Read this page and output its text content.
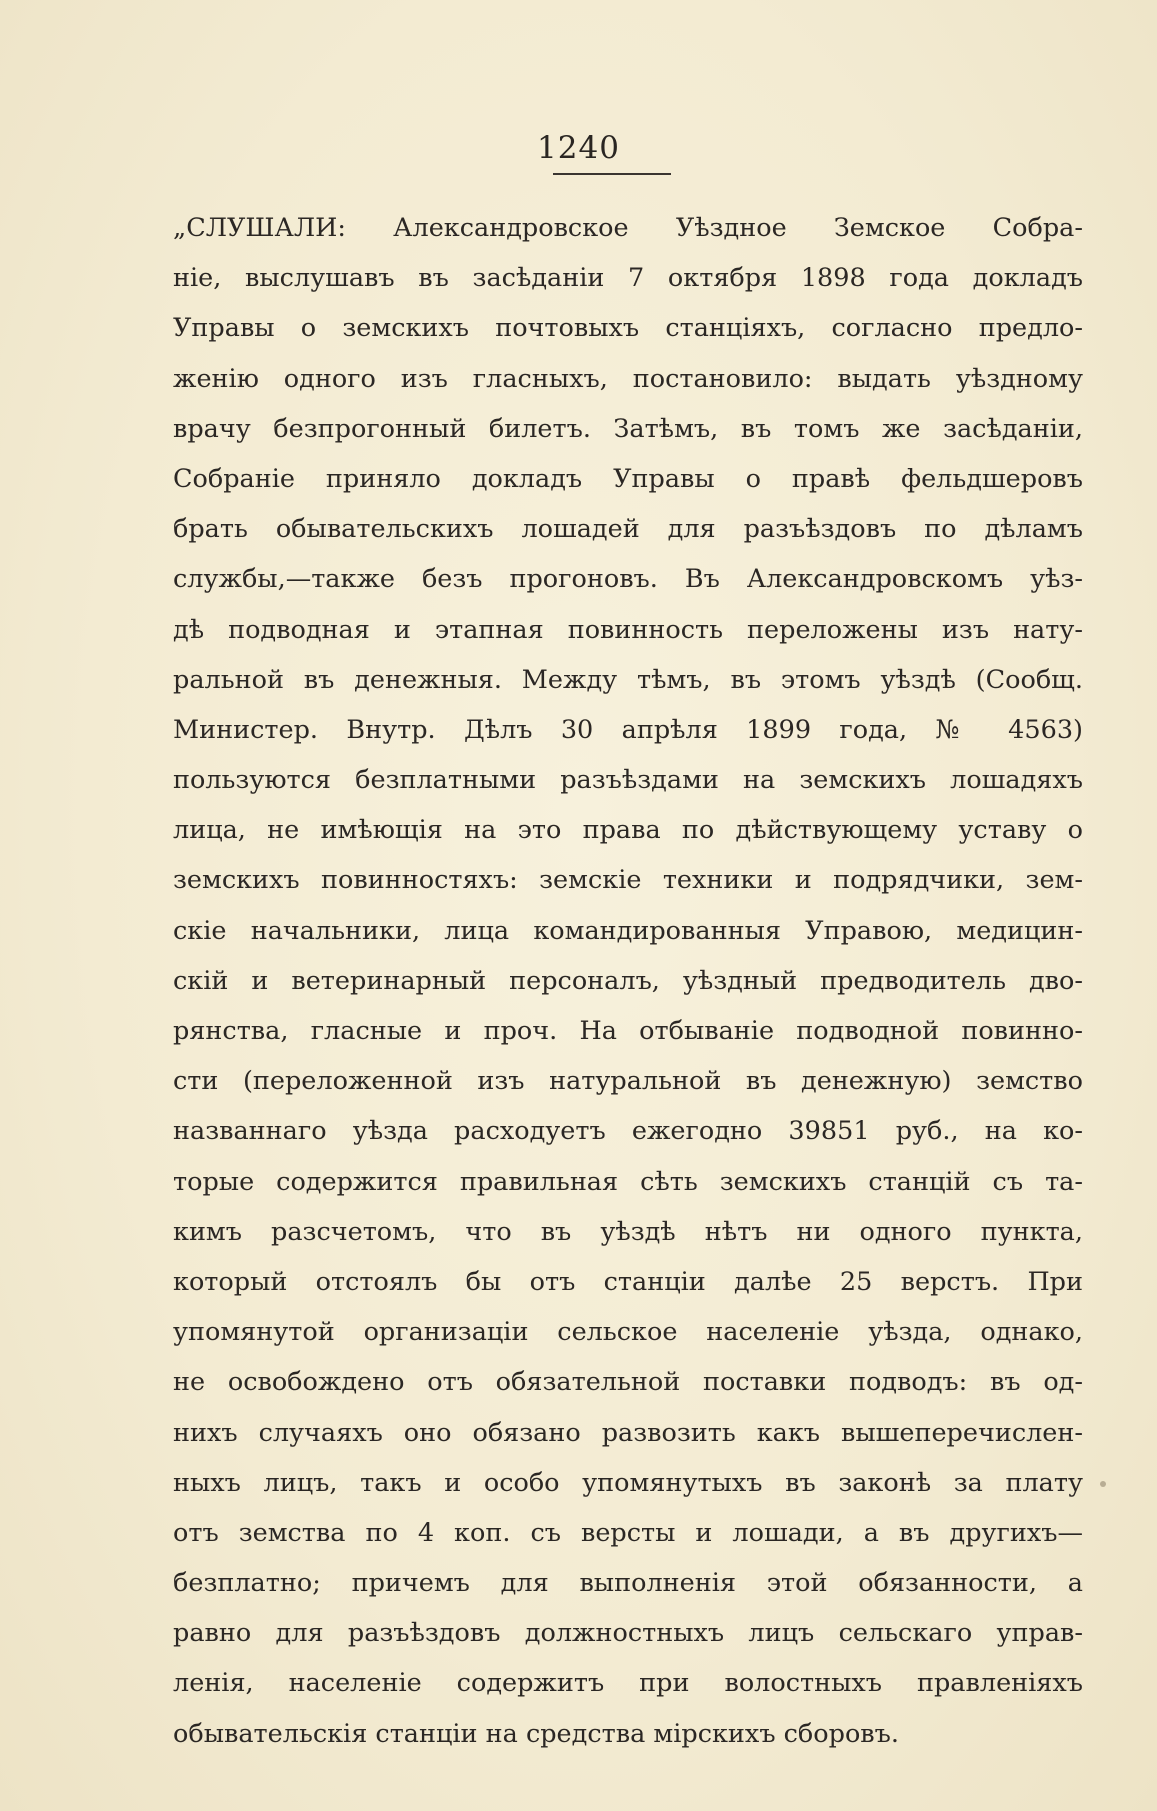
1240
„СЛУШАЛИ: Александровское Уѣздное Земское Собра-
ніе, выслушавъ въ засѣданіи 7 октября 1898 года докладъ
Управы о земскихъ почтовыхъ станціяхъ, согласно предло-
женію одного изъ гласныхъ, постановило: выдать уѣздному
врачу безпрогонный билетъ. Затѣмъ, въ томъ же засѣданіи,
Собраніе приняло докладъ Управы о правѣ фельдшеровъ
брать обывательскихъ лошадей для разъѣздовъ по дѣламъ
службы,—также безъ прогоновъ. Въ Александровскомъ уѣз-
дѣ подводная и этапная повинность переложены изъ нату-
ральной въ денежныя. Между тѣмъ, въ этомъ уѣздѣ (Сообщ.
Министер. Внутр. Дѣлъ 30 апрѣля 1899 года, № 4563)
пользуются безплатными разъѣздами на земскихъ лошадяхъ
лица, не имѣющія на это права по дѣйствующему уставу о
земскихъ повинностяхъ: земскіе техники и подрядчики, зем-
скіе начальники, лица командированныя Управою, медицин-
скій и ветеринарный персоналъ, уѣздный предводитель дво-
рянства, гласные и проч. На отбываніе подводной повинно-
сти (переложенной изъ натуральной въ денежную) земство
названнаго уѣзда расходуетъ ежегодно 39851 руб., на ко-
торые содержится правильная сѣть земскихъ станцій съ та-
кимъ разсчетомъ, что въ уѣздѣ нѣтъ ни одного пункта,
который отстоялъ бы отъ станціи далѣе 25 верстъ. При
упомянутой организаціи сельское населеніе уѣзда, однако,
не освобождено отъ обязательной поставки подводъ: въ од-
нихъ случаяхъ оно обязано развозить какъ вышеперечислен-
ныхъ лицъ, такъ и особо упомянутыхъ въ законѣ за плату
отъ земства по 4 коп. съ версты и лошади, а въ другихъ—
безплатно; причемъ для выполненія этой обязанности, а
равно для разъѣздовъ должностныхъ лицъ сельскаго управ-
ленія, населеніе содержитъ при волостныхъ правленіяхъ
обывательскія станціи на средства мірскихъ сборовъ.
